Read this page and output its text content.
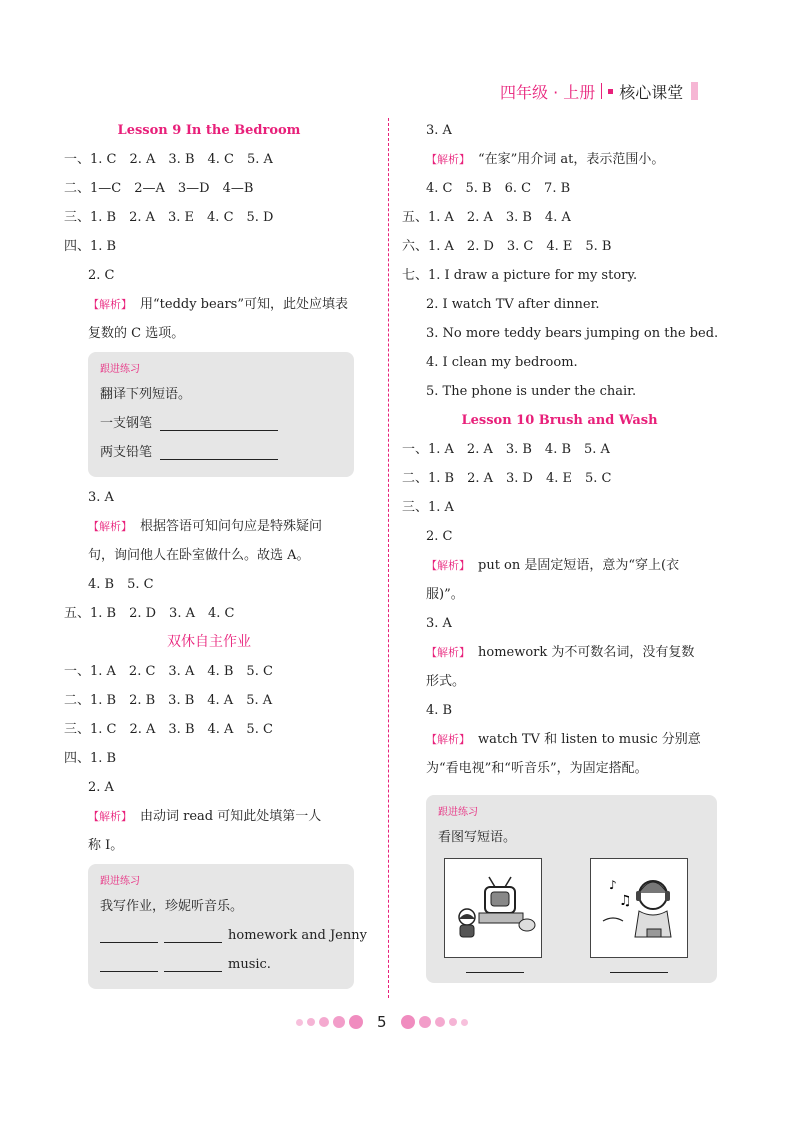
四年级 · 上册 核心课堂
Lesson 9 In the Bedroom
一、1. C　2. A　3. B　4. C　5. A
二、1—C　2—A　3—D　4—B
三、1. B　2. A　3. E　4. C　5. D
四、1. B
2. C
【解析】 用“teddy bears”可知，此处应填表
复数的 C 选项。
跟进练习
翻译下列短语。
一支钢笔
两支铅笔
3. A
【解析】 根据答语可知问句应是特殊疑问
句，询问他人在卧室做什么。故选 A。
4. B　5. C
五、1. B　2. D　3. A　4. C
双休自主作业
一、1. A　2. C　3. A　4. B　5. C
二、1. B　2. B　3. B　4. A　5. A
三、1. C　2. A　3. B　4. A　5. C
四、1. B
2. A
【解析】 由动词 read 可知此处填第一人
称 I。
跟进练习
我写作业，珍妮听音乐。
homework and Jenny
music.
3. A
【解析】 “在家”用介词 at，表示范围小。
4. C　5. B　6. C　7. B
五、1. A　2. A　3. B　4. A
六、1. A　2. D　3. C　4. E　5. B
七、1. I draw a picture for my story.
2. I watch TV after dinner.
3. No more teddy bears jumping on the bed.
4. I clean my bedroom.
5. The phone is under the chair.
Lesson 10 Brush and Wash
一、1. A　2. A　3. B　4. B　5. A
二、1. B　2. A　3. D　4. E　5. C
三、1. A
2. C
【解析】 put on 是固定短语，意为“穿上(衣
服)”。
3. A
【解析】 homework 为不可数名词，没有复数
形式。
4. B
【解析】 watch TV 和 listen to music 分别意
为“看电视”和“听音乐”，为固定搭配。
跟进练习
看图写短语。
♪
♫
5
